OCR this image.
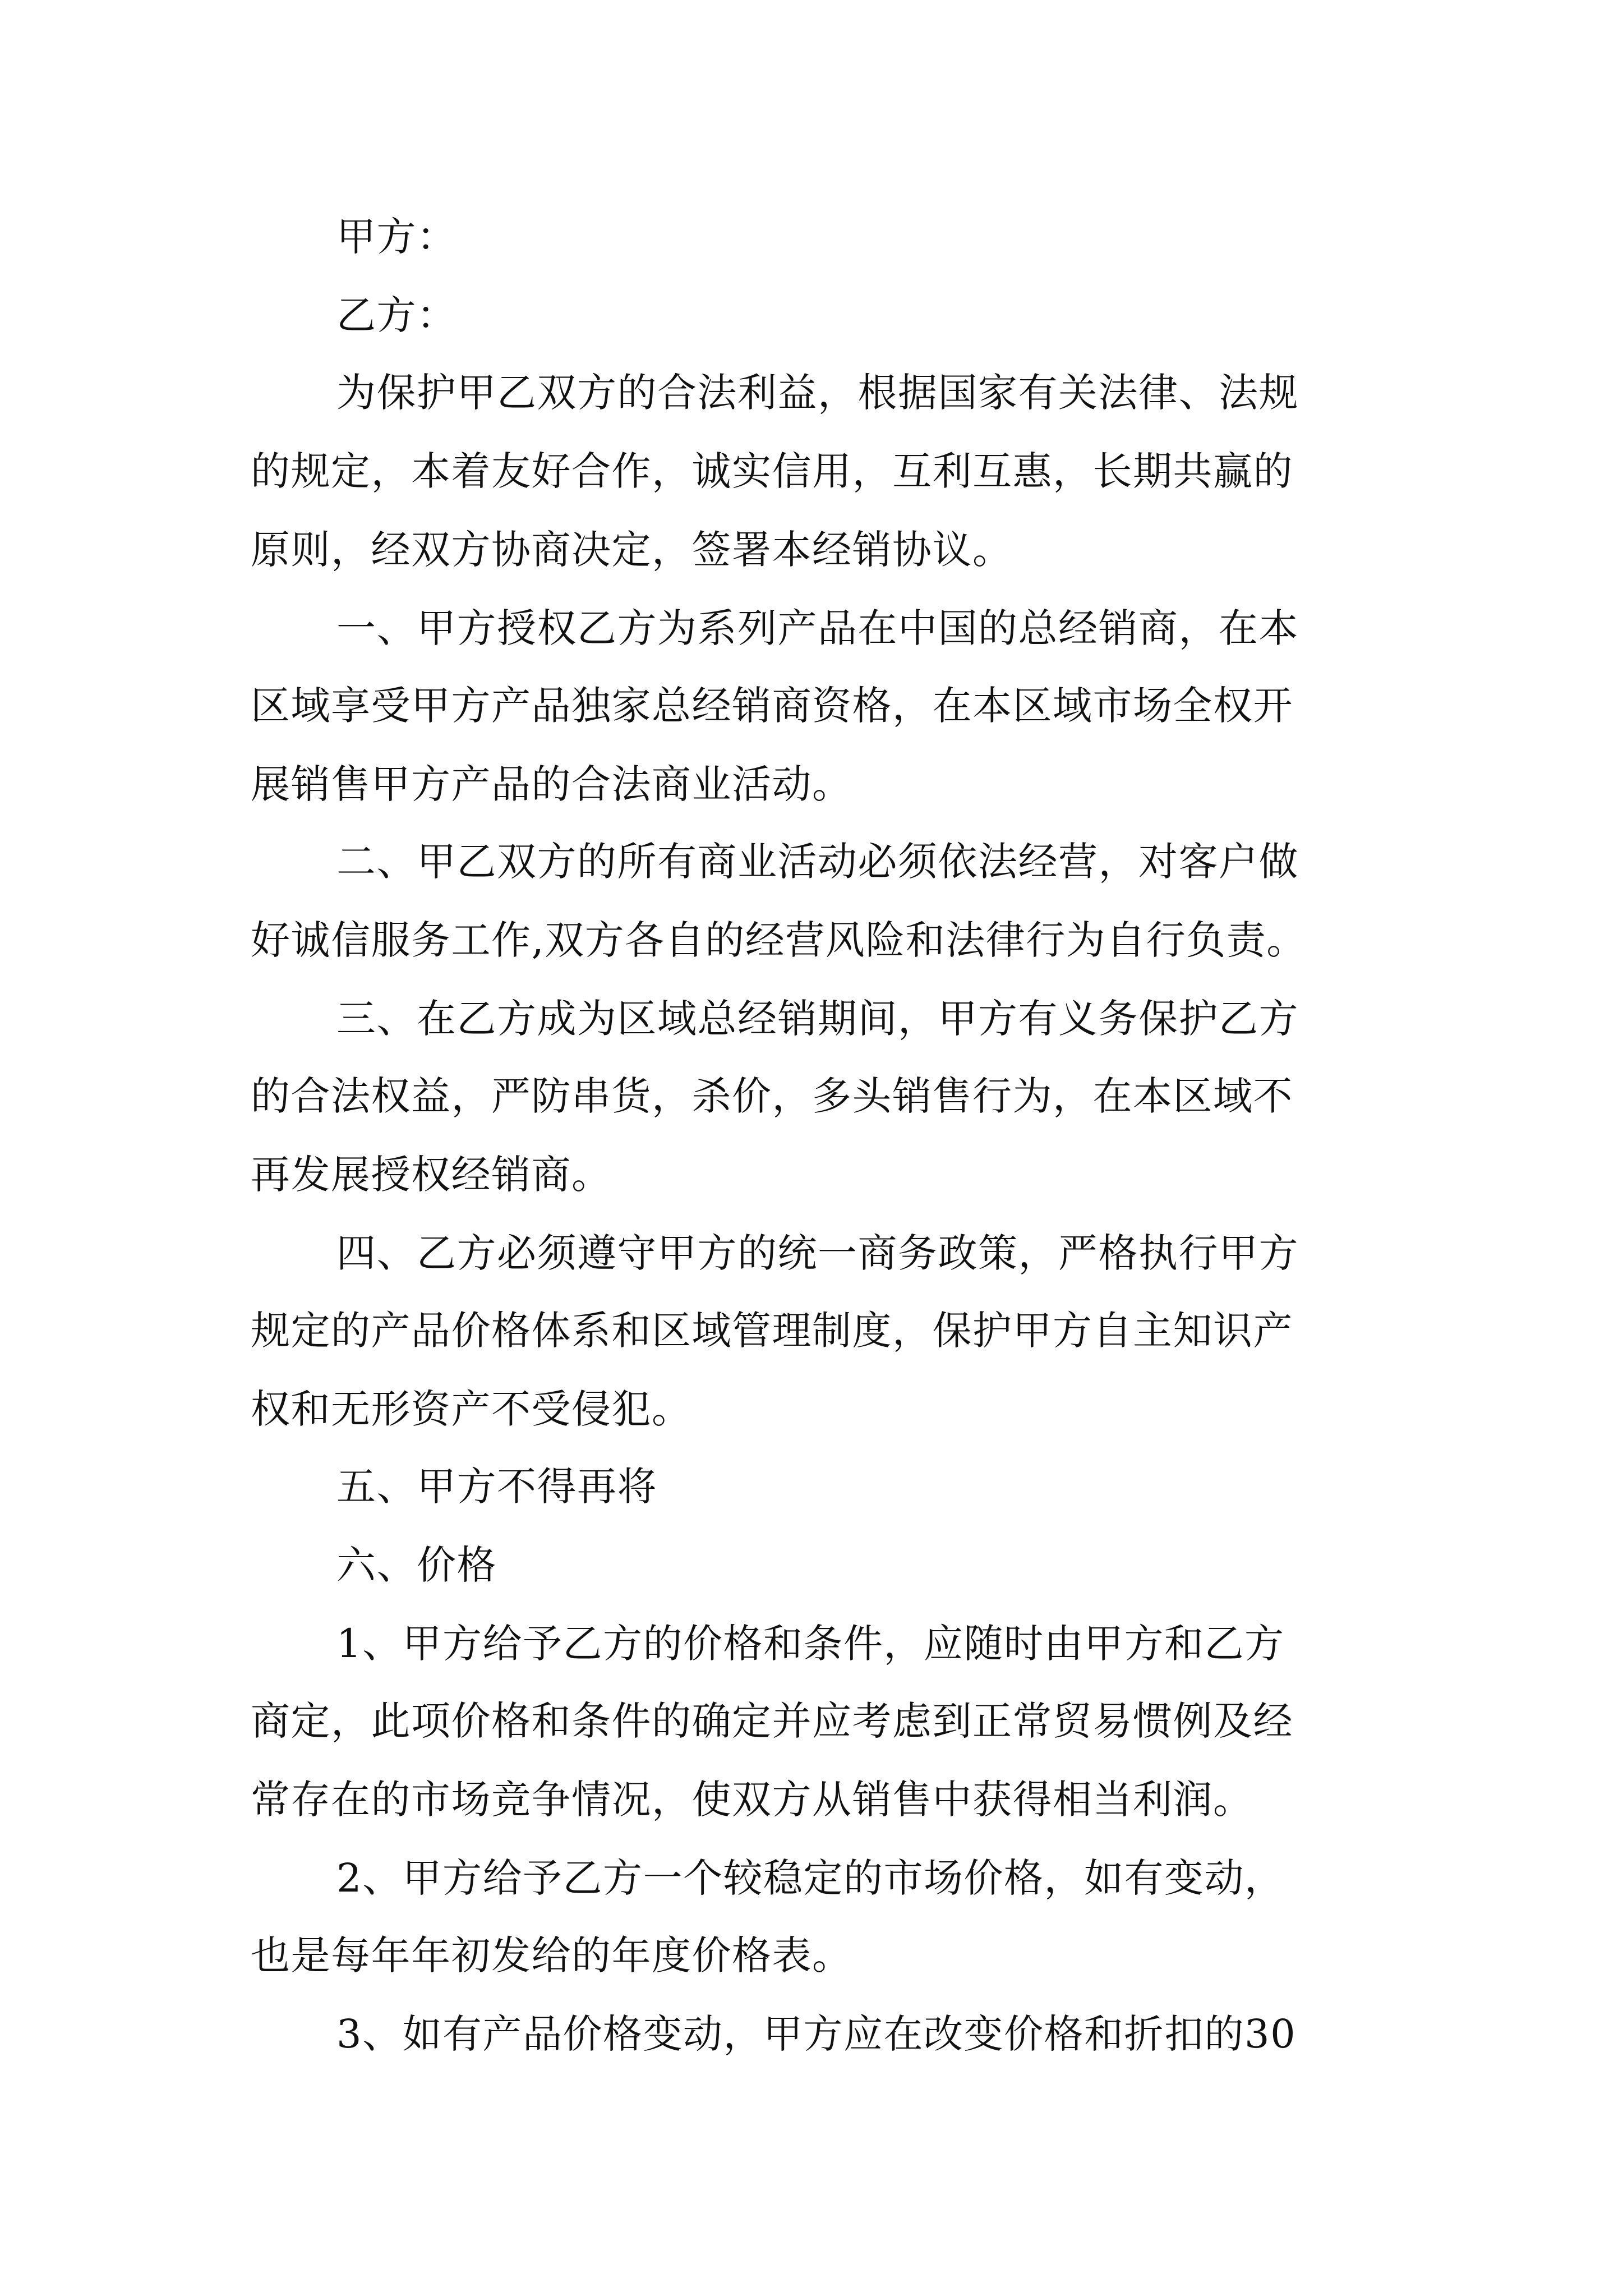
甲方：
乙方：
为保护甲乙双方的合法利益，根据国家有关法律、法规
的规定，本着友好合作，诚实信用，互利互惠，长期共赢的
原则，经双方协商决定，签署本经销协议。
一、甲方授权乙方为系列产品在中国的总经销商，在本
区域享受甲方产品独家总经销商资格，在本区域市场全权开
展销售甲方产品的合法商业活动。
二、甲乙双方的所有商业活动必须依法经营，对客户做
好诚信服务工作,双方各自的经营风险和法律行为自行负责。
三、在乙方成为区域总经销期间，甲方有义务保护乙方
的合法权益，严防串货，杀价，多头销售行为，在本区域不
再发展授权经销商。
四、乙方必须遵守甲方的统一商务政策，严格执行甲方
规定的产品价格体系和区域管理制度，保护甲方自主知识产
权和无形资产不受侵犯。
五、甲方不得再将
六、价格
1、甲方给予乙方的价格和条件，应随时由甲方和乙方
商定，此项价格和条件的确定并应考虑到正常贸易惯例及经
常存在的市场竞争情况，使双方从销售中获得相当利润。
2、甲方给予乙方一个较稳定的市场价格，如有变动，
也是每年年初发给的年度价格表。
3、如有产品价格变动，甲方应在改变价格和折扣的30
